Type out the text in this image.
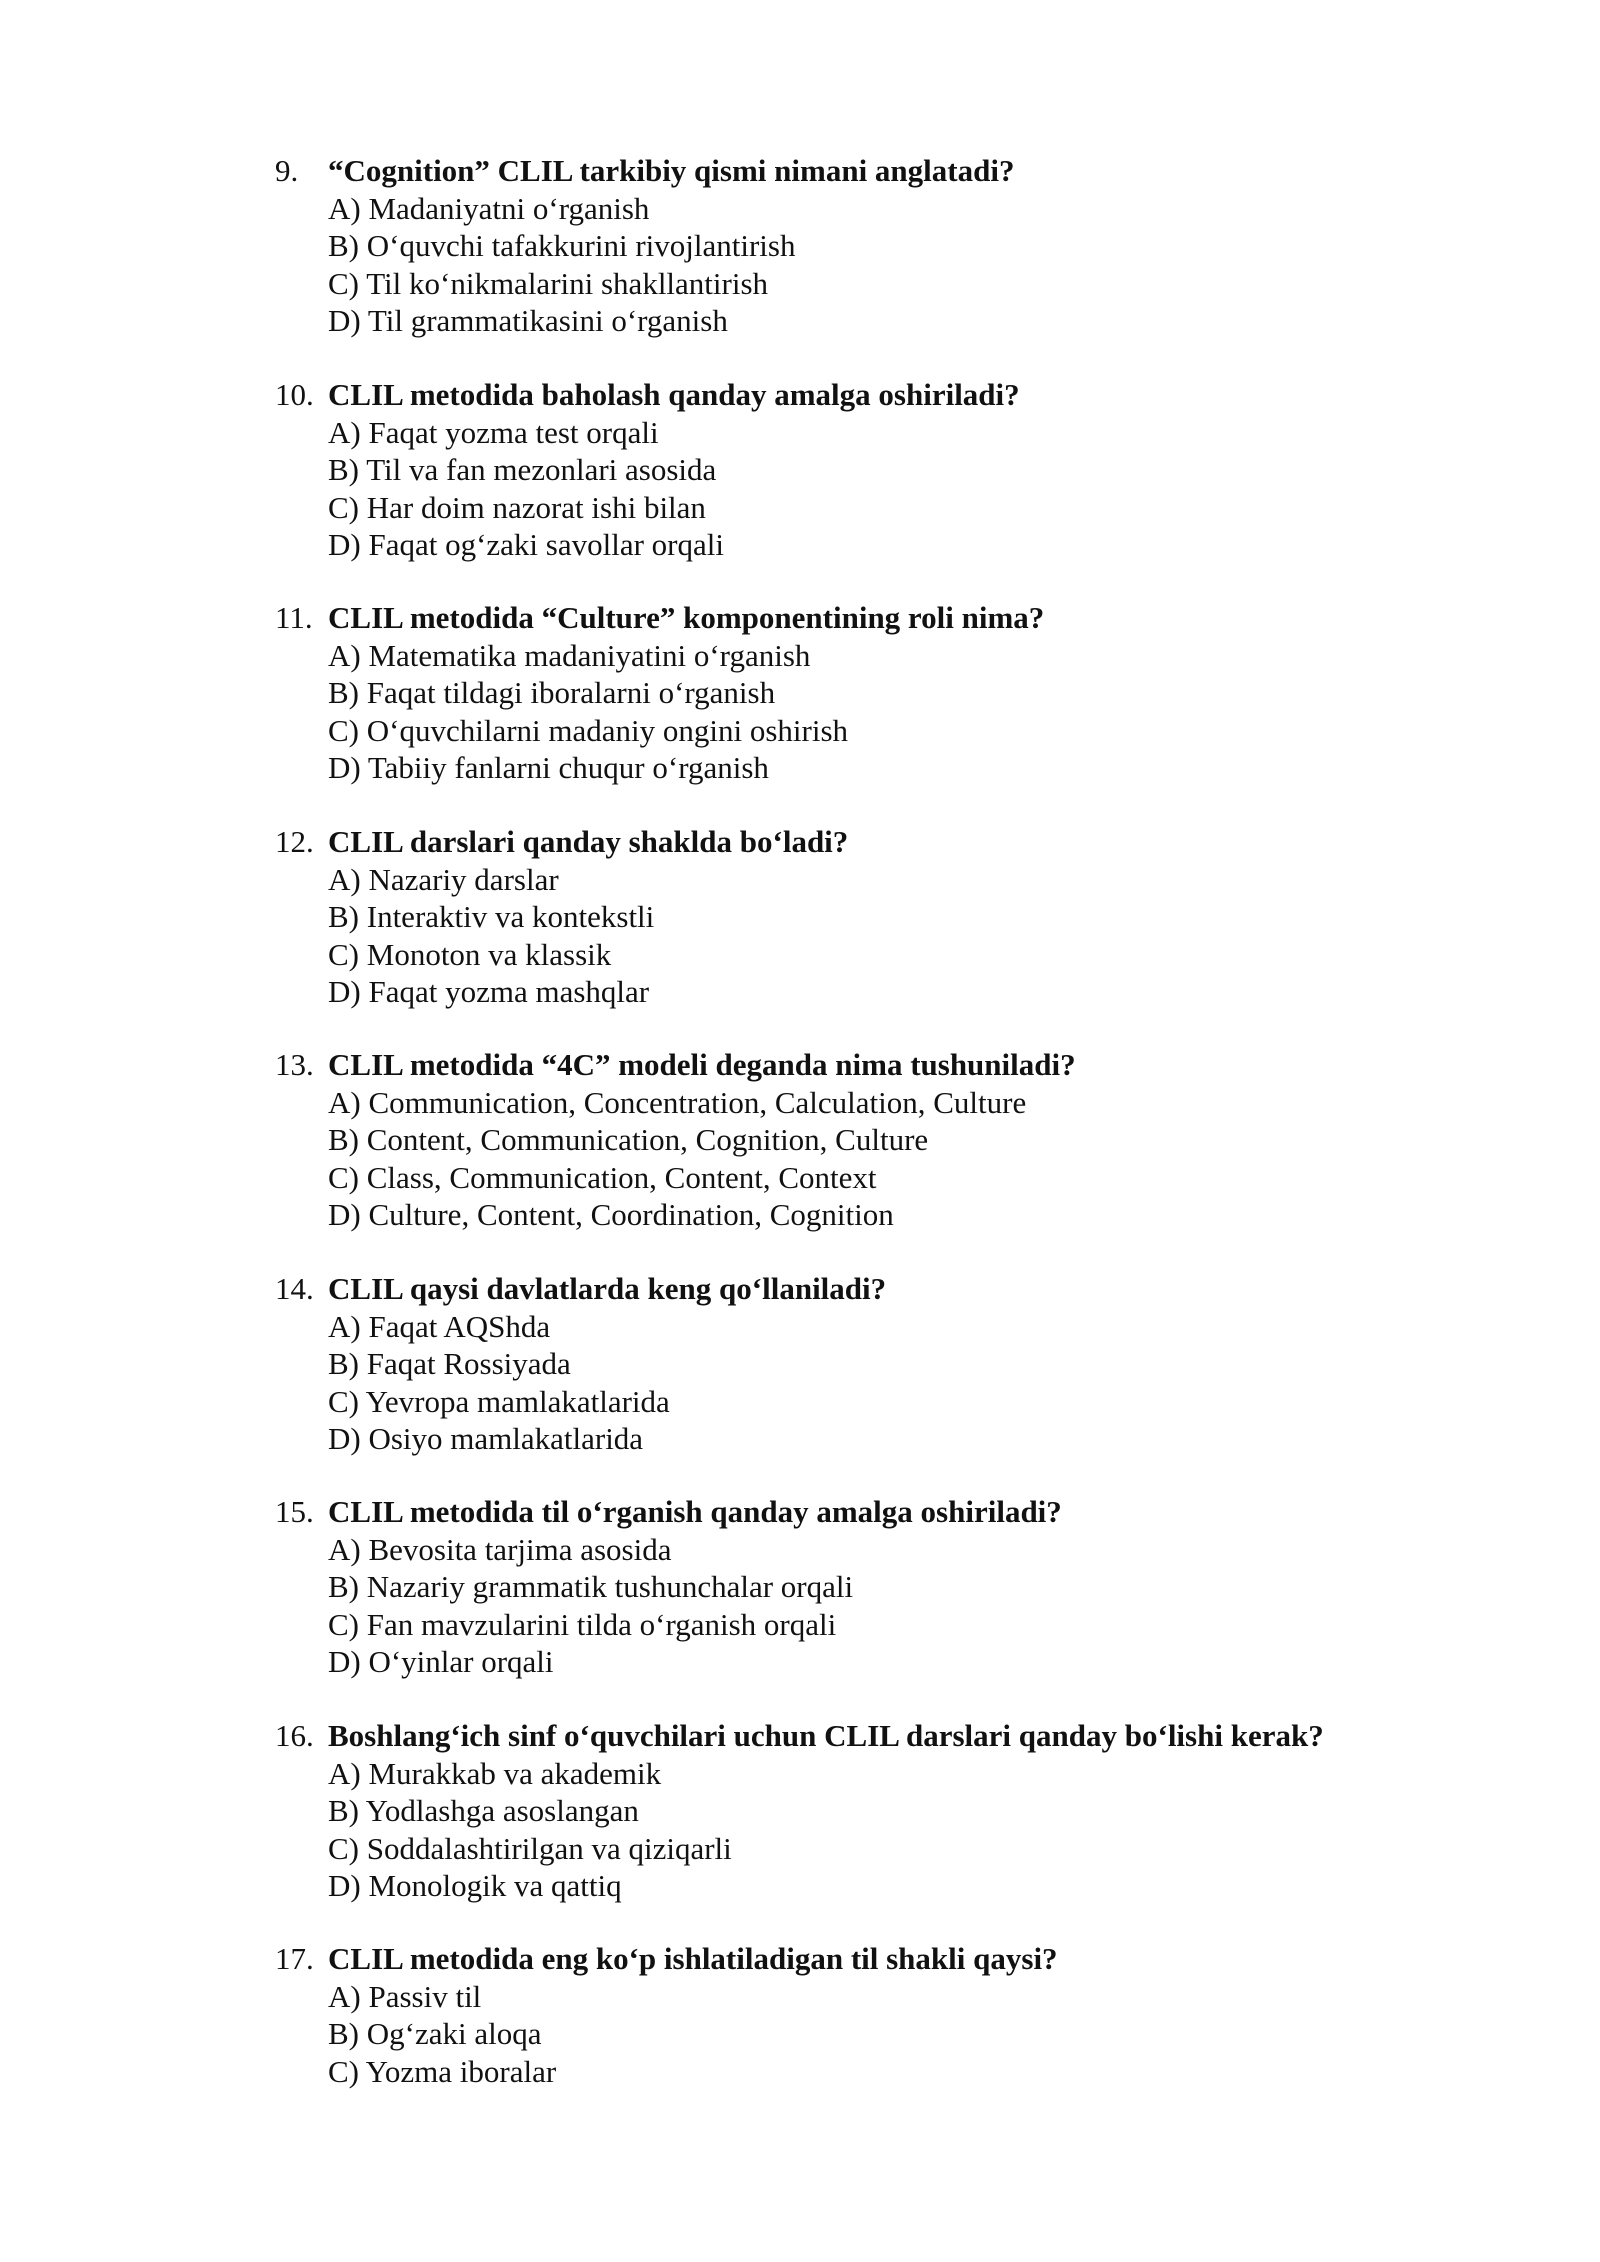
9. “Cognition” CLIL tarkibiy qismi nimani anglatadi?
A) Madaniyatni o‘rganish
B) O‘quvchi tafakkurini rivojlantirish
C) Til ko‘nikmalarini shakllantirish
D) Til grammatikasini o‘rganish
10. CLIL metodida baholash qanday amalga oshiriladi?
A) Faqat yozma test orqali
B) Til va fan mezonlari asosida
C) Har doim nazorat ishi bilan
D) Faqat og‘zaki savollar orqali
11. CLIL metodida “Culture” komponentining roli nima?
A) Matematika madaniyatini o‘rganish
B) Faqat tildagi iboralarni o‘rganish
C) O‘quvchilarni madaniy ongini oshirish
D) Tabiiy fanlarni chuqur o‘rganish
12. CLIL darslari qanday shaklda bo‘ladi?
A) Nazariy darslar
B) Interaktiv va kontekstli
C) Monoton va klassik
D) Faqat yozma mashqlar
13. CLIL metodida “4C” modeli deganda nima tushuniladi?
A) Communication, Concentration, Calculation, Culture
B) Content, Communication, Cognition, Culture
C) Class, Communication, Content, Context
D) Culture, Content, Coordination, Cognition
14. CLIL qaysi davlatlarda keng qo‘llaniladi?
A) Faqat AQShda
B) Faqat Rossiyada
C) Yevropa mamlakatlarida
D) Osiyo mamlakatlarida
15. CLIL metodida til o‘rganish qanday amalga oshiriladi?
A) Bevosita tarjima asosida
B) Nazariy grammatik tushunchalar orqali
C) Fan mavzularini tilda o‘rganish orqali
D) O‘yinlar orqali
16. Boshlang‘ich sinf o‘quvchilari uchun CLIL darslari qanday bo‘lishi kerak?
A) Murakkab va akademik
B) Yodlashga asoslangan
C) Soddalashtirilgan va qiziqarli
D) Monologik va qattiq
17. CLIL metodida eng ko‘p ishlatiladigan til shakli qaysi?
A) Passiv til
B) Og‘zaki aloqa
C) Yozma iboralar
